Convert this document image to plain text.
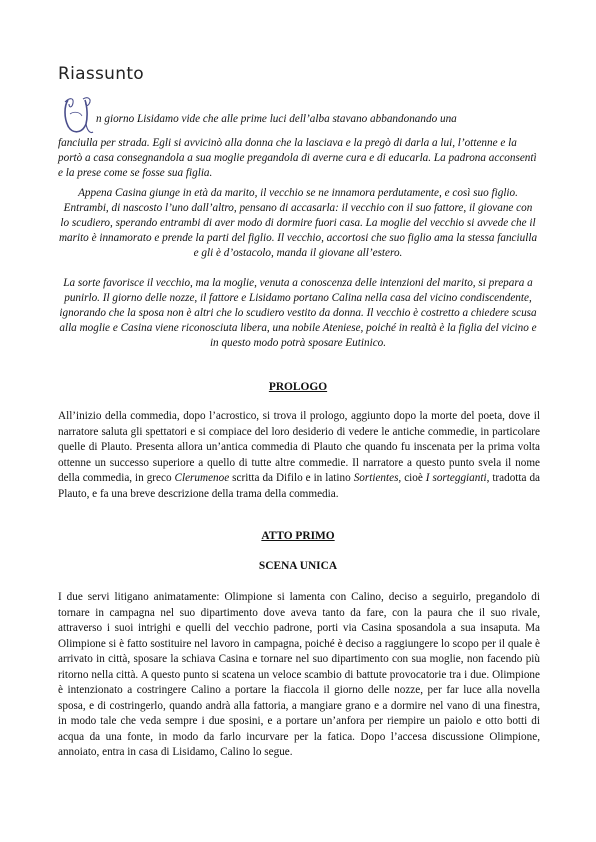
Riassunto
n giorno Lisidamo vide che alle prime luci dell’alba stavano abbandonando una

fanciulla per strada. Egli si avvicinò alla donna che la lasciava e la pregò di darla a lui, l’ottenne e la portò a casa consegnandola a sua moglie pregandola di averne cura e di educarla. La padrona acconsentì e la prese come se fosse sua figlia.

Appena Casina giunge in età da marito, il vecchio se ne innamora perdutamente, e così suo figlio. Entrambi, di nascosto l’uno dall’altro, pensano di accasarla: il vecchio con il suo fattore, il giovane con lo scudiero, sperando entrambi di aver modo di dormire fuori casa. La moglie del vecchio si avvede che il marito è innamorato e prende la parti del figlio. Il vecchio, accortosi che suo figlio ama la stessa fanciulla e gli è d’ostacolo, manda il giovane all’estero.

La sorte favorisce il vecchio, ma la moglie, venuta a conoscenza delle intenzioni del marito, si prepara a punirlo. Il giorno delle nozze, il fattore e Lisidamo portano Calina nella casa del vicino condiscendente, ignorando che la sposa non è altri che lo scudiero vestito da donna. Il vecchio è costretto a chiedere scusa alla moglie e Casina viene riconosciuta libera, una nobile Ateniese, poiché in realtà è la figlia del vicino e in questo modo potrà sposare Eutinico.

PROLOGO

All’inizio della commedia, dopo l’acrostico, si trova il prologo, aggiunto dopo la morte del poeta, dove il narratore saluta gli spettatori e si compiace del loro desiderio di vedere le antiche commedie, in particolare quelle di Plauto. Presenta allora un’antica commedia di Plauto che quando fu inscenata per la prima volta ottenne un successo superiore a quello di tutte altre commedie. Il narratore a questo punto svela il nome della commedia, in greco Clerumenoe scritta da Difilo e in latino Sortientes, cioè I sorteggianti, tradotta da Plauto, e fa una breve descrizione della trama della commedia.

ATTO PRIMO
SCENA UNICA

I due servi litigano animatamente: Olimpione si lamenta con Calino, deciso a seguirlo, pregandolo di tornare in campagna nel suo dipartimento dove aveva tanto da fare, con la paura che il suo rivale, attraverso i suoi intrighi e quelli del vecchio padrone, porti via Casina sposandola a sua insaputa. Ma Olimpione si è fatto sostituire nel lavoro in campagna, poiché è deciso a raggiungere lo scopo per il quale è arrivato in città, sposare la schiava Casina e tornare nel suo dipartimento con sua moglie, non facendo più ritorno nella città. A questo punto si scatena un veloce scambio di battute provocatorie tra i due. Olimpione è intenzionato a costringere Calino a portare la fiaccola il giorno delle nozze, per far luce alla novella sposa, e di costringerlo, quando andrà alla fattoria, a mangiare grano e a dormire nel vano di una finestra, in modo tale che veda sempre i due sposini, e a portare un’anfora per riempire un paiolo e otto botti di acqua da una fonte, in modo da farlo incurvare per la fatica. Dopo l’accesa discussione Olimpione, annoiato, entra in casa di Lisidamo, Calino lo segue.
